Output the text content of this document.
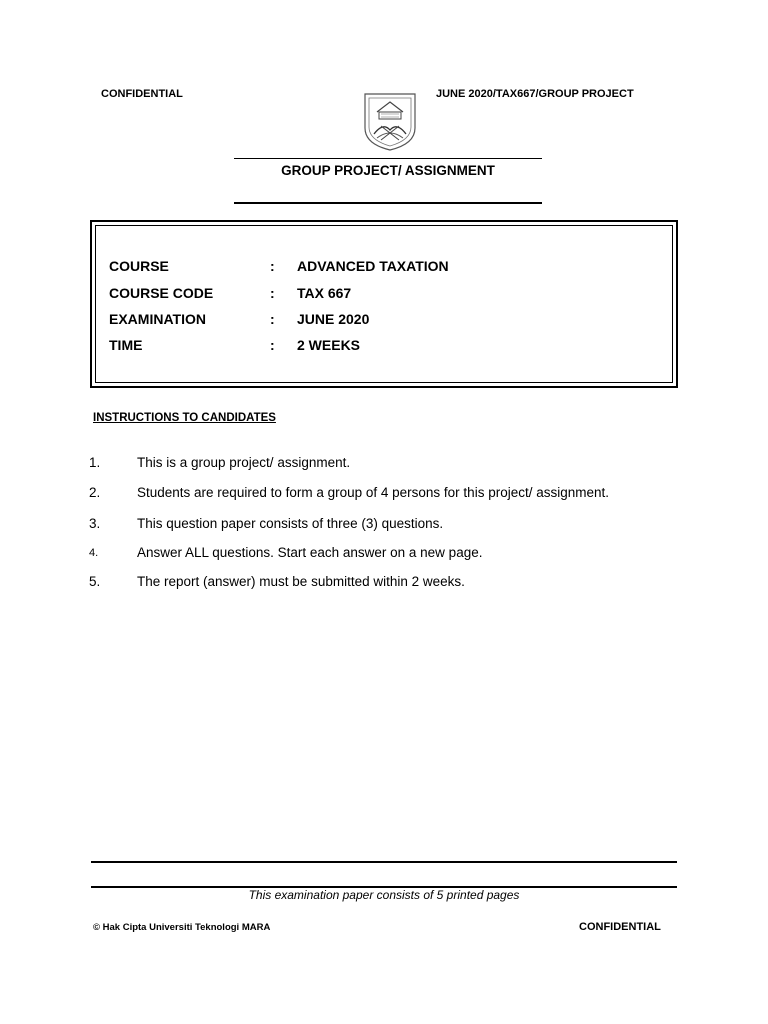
CONFIDENTIAL	JUNE 2020/TAX667/GROUP PROJECT
GROUP PROJECT/ ASSIGNMENT
COURSE	: ADVANCED TAXATION
COURSE CODE	: TAX 667
EXAMINATION	: JUNE 2020
TIME	: 2 WEEKS
INSTRUCTIONS TO CANDIDATES
1.	This is a group project/ assignment.
2.	Students are required to form a group of 4 persons for this project/ assignment.
3.	This question paper consists of three (3) questions.
4.	Answer ALL questions. Start each answer on a new page.
5.	The report (answer) must be submitted within 2 weeks.
This examination paper consists of 5 printed pages
© Hak Cipta Universiti Teknologi MARA	CONFIDENTIAL
